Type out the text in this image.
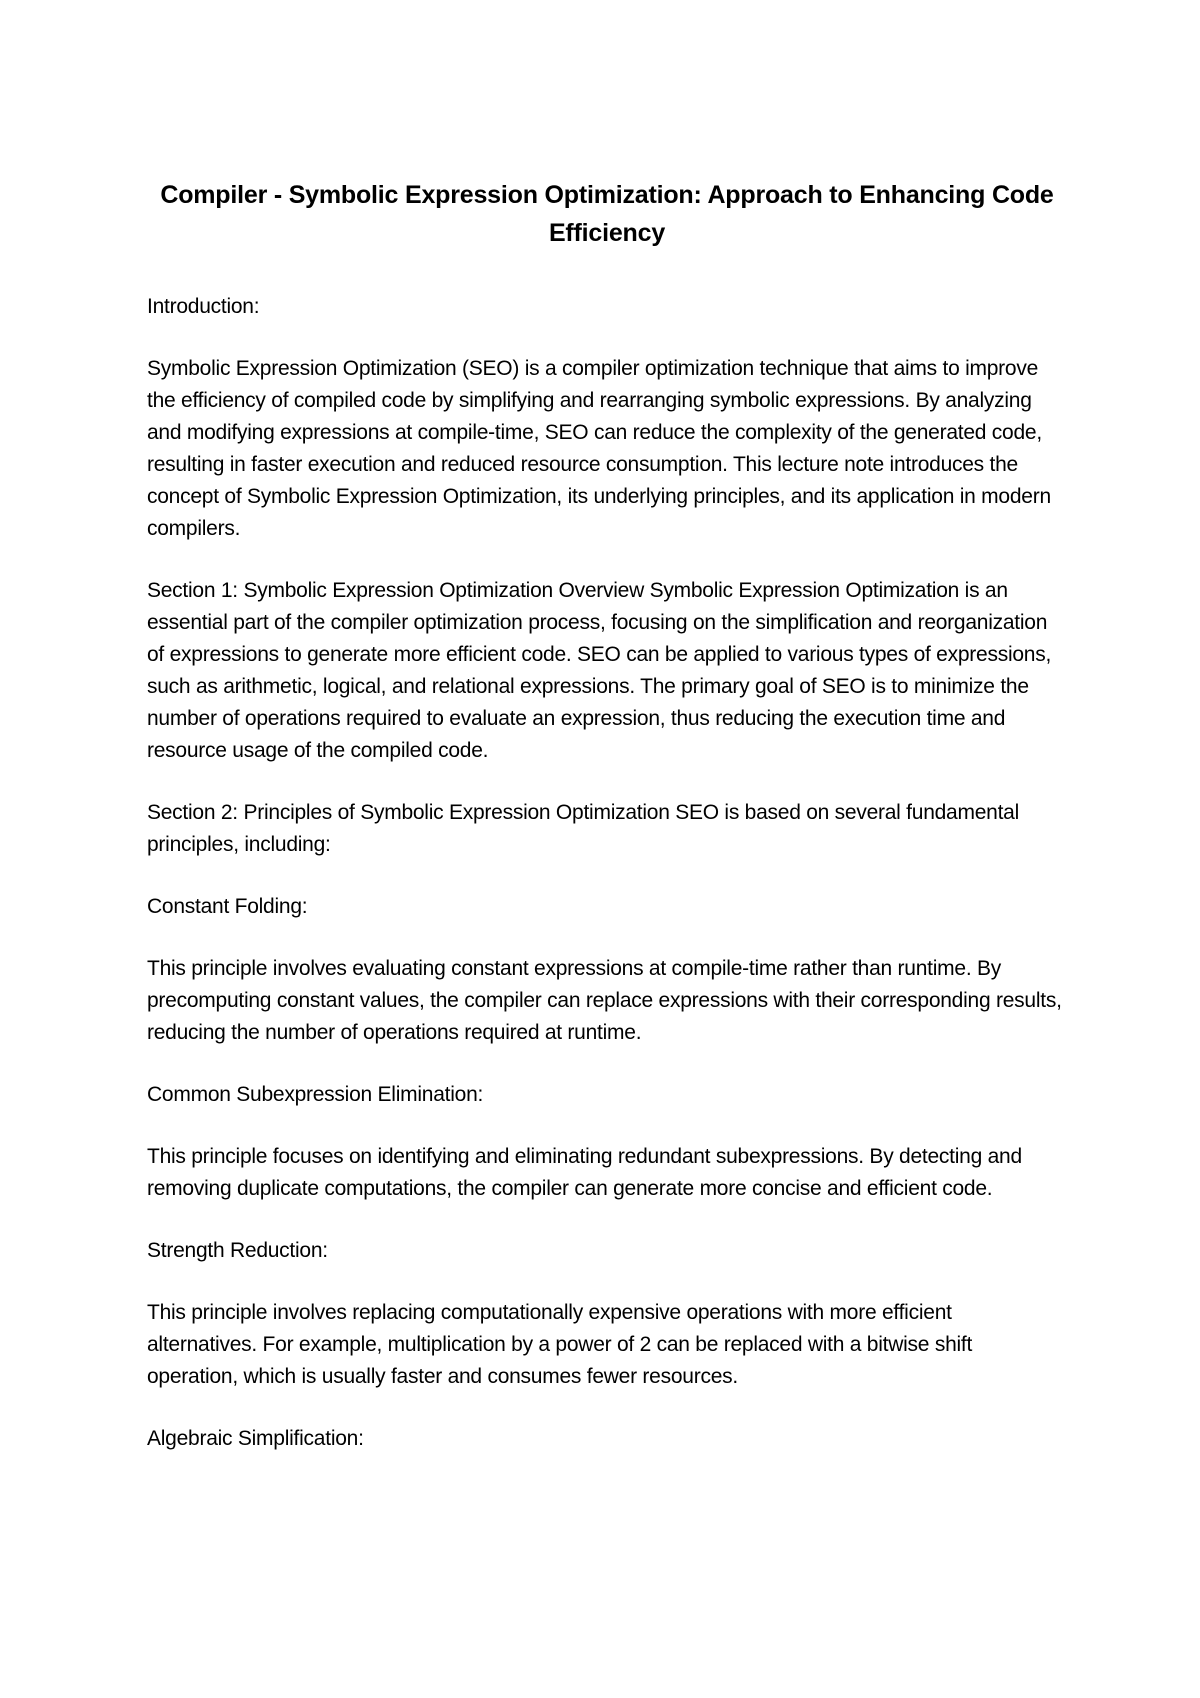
Compiler - Symbolic Expression Optimization: Approach to Enhancing Code Efficiency

Introduction:

Symbolic Expression Optimization (SEO) is a compiler optimization technique that aims to improve the efficiency of compiled code by simplifying and rearranging symbolic expressions. By analyzing and modifying expressions at compile-time, SEO can reduce the complexity of the generated code, resulting in faster execution and reduced resource consumption. This lecture note introduces the concept of Symbolic Expression Optimization, its underlying principles, and its application in modern compilers.

Section 1: Symbolic Expression Optimization Overview Symbolic Expression Optimization is an essential part of the compiler optimization process, focusing on the simplification and reorganization of expressions to generate more efficient code. SEO can be applied to various types of expressions, such as arithmetic, logical, and relational expressions. The primary goal of SEO is to minimize the number of operations required to evaluate an expression, thus reducing the execution time and resource usage of the compiled code.

Section 2: Principles of Symbolic Expression Optimization SEO is based on several fundamental principles, including:

Constant Folding:

This principle involves evaluating constant expressions at compile-time rather than runtime. By precomputing constant values, the compiler can replace expressions with their corresponding results, reducing the number of operations required at runtime.

Common Subexpression Elimination:

This principle focuses on identifying and eliminating redundant subexpressions. By detecting and removing duplicate computations, the compiler can generate more concise and efficient code.

Strength Reduction:

This principle involves replacing computationally expensive operations with more efficient alternatives. For example, multiplication by a power of 2 can be replaced with a bitwise shift operation, which is usually faster and consumes fewer resources.

Algebraic Simplification:
